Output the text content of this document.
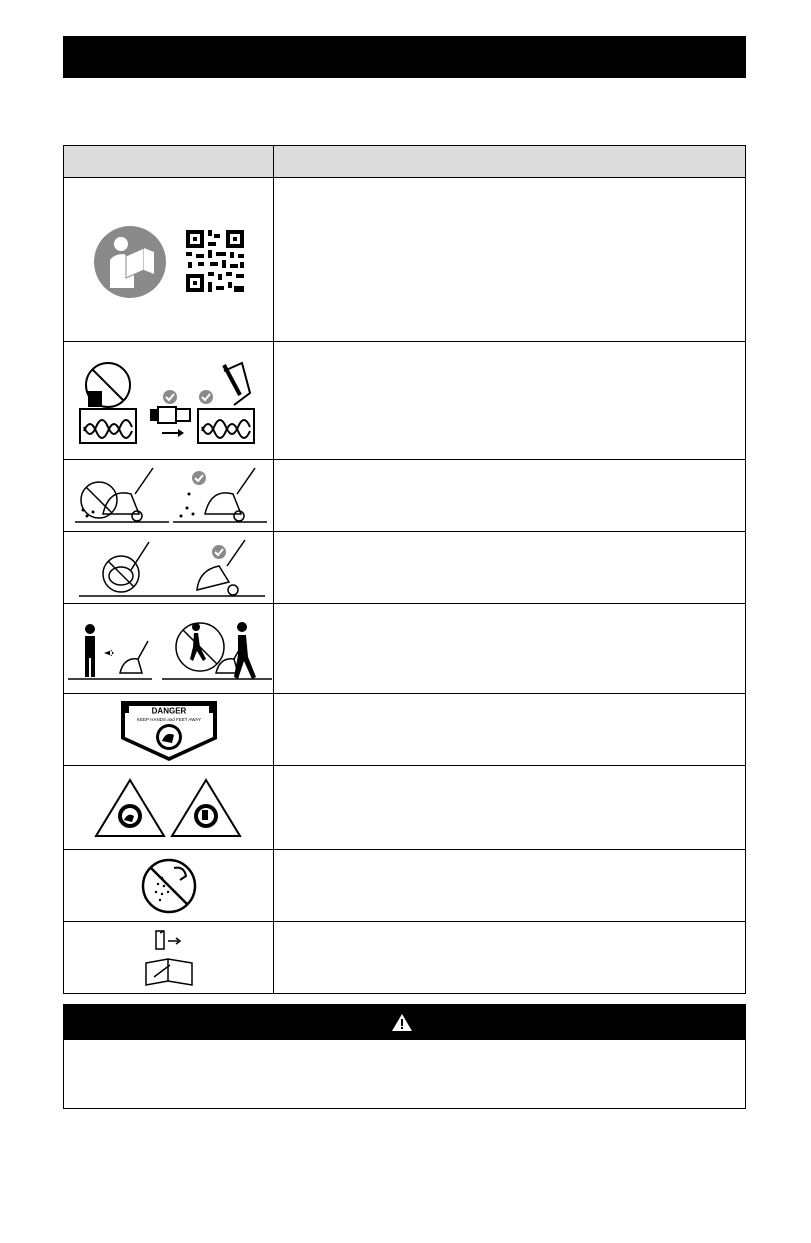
DANGER
KEEP HANDS and FEET AWAY	
